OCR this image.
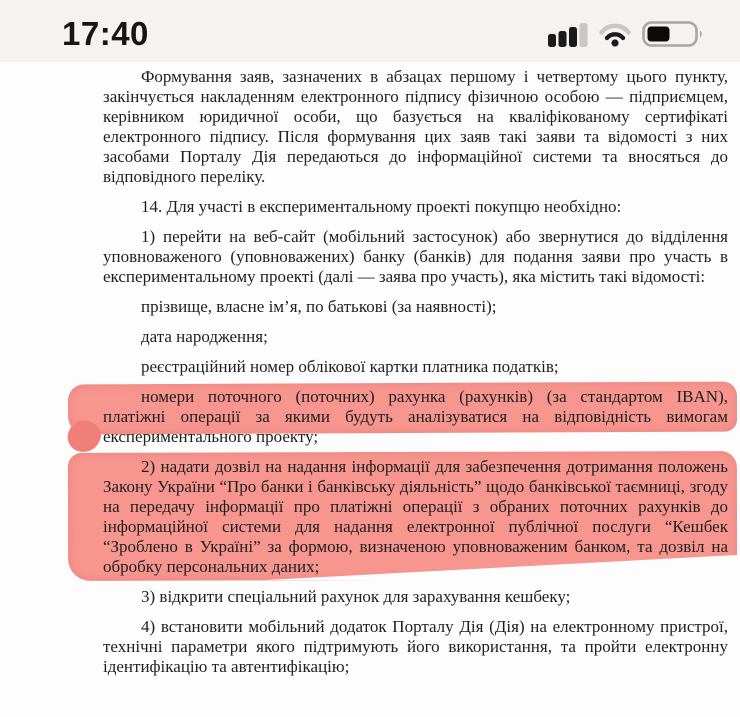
17:40

Формування заяв, зазначених в абзацах першому і четвертому цього пункту, закінчується накладенням електронного підпису фізичною особою — підприємцем, керівником юридичної особи, що базується на кваліфікованому сертифікаті електронного підпису. Після формування цих заяв такі заяви та відомості з них засобами Порталу Дія передаються до інформаційної системи та вносяться до відповідного переліку.

14. Для участі в експериментальному проекті покупцю необхідно:

1) перейти на веб-сайт (мобільний застосунок) або звернутися до відділення уповноваженого (уповноважених) банку (банків) для подання заяви про участь в експериментальному проекті (далі — заява про участь), яка містить такі відомості:

прізвище, власне ім’я, по батькові (за наявності);

дата народження;

реєстраційний номер облікової картки платника податків;

номери поточного (поточних) рахунка (рахунків) (за стандартом IBAN), платіжні операції за якими будуть аналізуватися на відповідність вимогам експериментального проекту;

2) надати дозвіл на надання інформації для забезпечення дотримання положень Закону України “Про банки і банківську діяльність” щодо банківської таємниці, згоду на передачу інформації про платіжні операції з обраних поточних рахунків до інформаційної системи для надання електронної публічної послуги “Кешбек “Зроблено в Україні” за формою, визначеною уповноваженим банком, та дозвіл на обробку персональних даних;

3) відкрити спеціальний рахунок для зарахування кешбеку;

4) встановити мобільний додаток Порталу Дія (Дія) на електронному пристрої, технічні параметри якого підтримують його використання, та пройти електронну ідентифікацію та автентифікацію;
